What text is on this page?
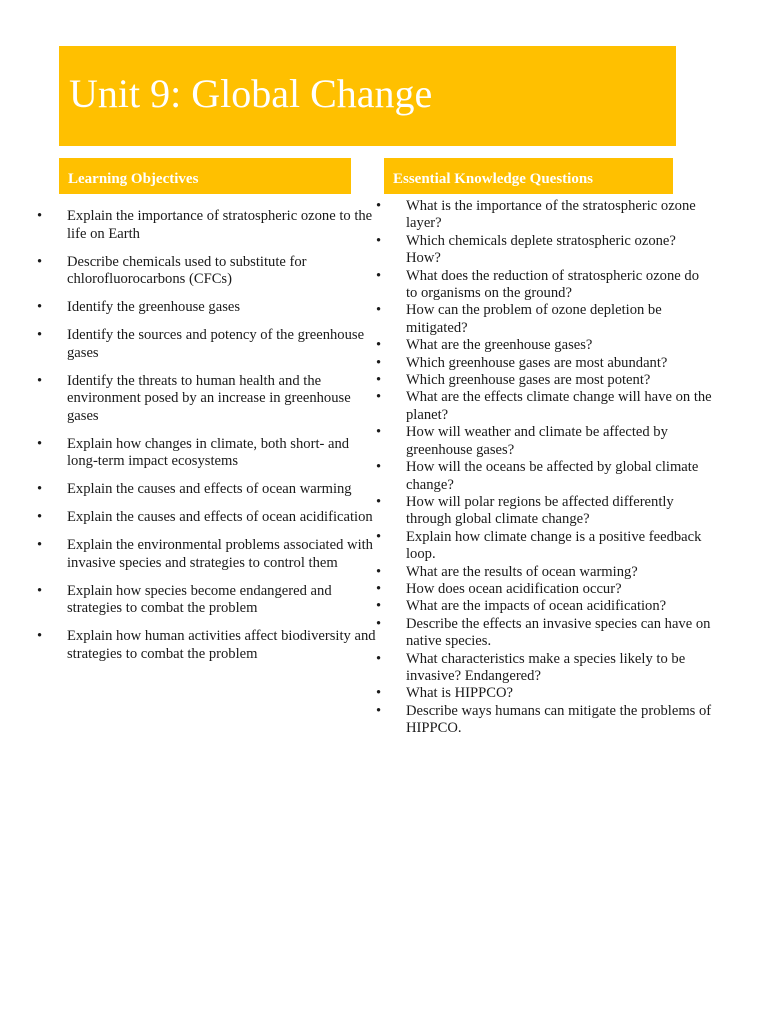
Unit 9: Global Change
Learning Objectives	Essential Knowledge Questions
• Explain the importance of stratospheric ozone to the life on Earth
• Describe chemicals used to substitute for chlorofluorocarbons (CFCs)
• Identify the greenhouse gases
• Identify the sources and potency of the greenhouse gases
• Identify the threats to human health and the environment posed by an increase in greenhouse gases
• Explain how changes in climate, both short- and long-term impact ecosystems
• Explain the causes and effects of ocean warming
• Explain the causes and effects of ocean acidification
• Explain the environmental problems associated with invasive species and strategies to control them
• Explain how species become endangered and strategies to combat the problem
• Explain how human activities affect biodiversity and strategies to combat the problem
• What is the importance of the stratospheric ozone layer?
• Which chemicals deplete stratospheric ozone? How?
• What does the reduction of stratospheric ozone do to organisms on the ground?
• How can the problem of ozone depletion be mitigated?
• What are the greenhouse gases?
• Which greenhouse gases are most abundant?
• Which greenhouse gases are most potent?
• What are the effects climate change will have on the planet?
• How will weather and climate be affected by greenhouse gases?
• How will the oceans be affected by global climate change?
• How will polar regions be affected differently through global climate change?
• Explain how climate change is a positive feedback loop.
• What are the results of ocean warming?
• How does ocean acidification occur?
• What are the impacts of ocean acidification?
• Describe the effects an invasive species can have on native species.
• What characteristics make a species likely to be invasive? Endangered?
• What is HIPPCO?
• Describe ways humans can mitigate the problems of HIPPCO.
